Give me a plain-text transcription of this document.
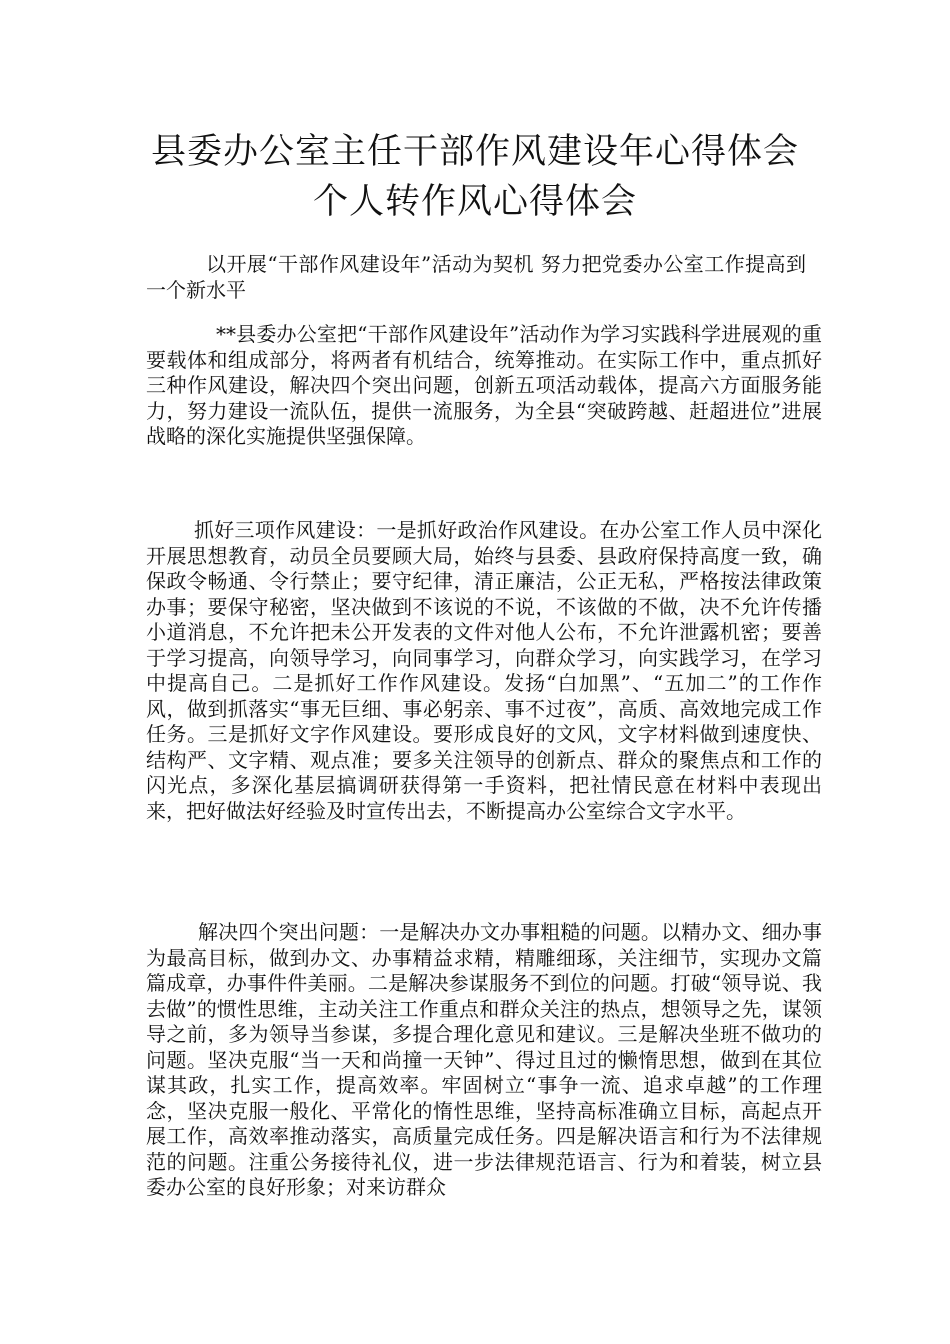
县委办公室主任干部作风建设年心得体会
个人转作风心得体会

以开展“干部作风建设年”活动为契机 努力把党委办公室工作提高到一个新水平

**县委办公室把“干部作风建设年”活动作为学习实践科学进展观的重要载体和组成部分，将两者有机结合，统筹推动。在实际工作中，重点抓好三种作风建设，解决四个突出问题，创新五项活动载体，提高六方面服务能力，努力建设一流队伍，提供一流服务，为全县“突破跨越、赶超进位”进展战略的深化实施提供坚强保障。

抓好三项作风建设：一是抓好政治作风建设。在办公室工作人员中深化开展思想教育，动员全员要顾大局，始终与县委、县政府保持高度一致，确保政令畅通、令行禁止；要守纪律，清正廉洁，公正无私，严格按法律政策办事；要保守秘密，坚决做到不该说的不说，不该做的不做，决不允许传播小道消息，不允许把未公开发表的文件对他人公布，不允许泄露机密；要善于学习提高，向领导学习，向同事学习，向群众学习，向实践学习，在学习中提高自己。二是抓好工作作风建设。发扬“白加黑”、“五加二”的工作作风，做到抓落实“事无巨细、事必躬亲、事不过夜”，高质、高效地完成工作任务。三是抓好文字作风建设。要形成良好的文风，文字材料做到速度快、结构严、文字精、观点准；要多关注领导的创新点、群众的聚焦点和工作的闪光点，多深化基层搞调研获得第一手资料，把社情民意在材料中表现出来，把好做法好经验及时宣传出去，不断提高办公室综合文字水平。

解决四个突出问题：一是解决办文办事粗糙的问题。以精办文、细办事为最高目标，做到办文、办事精益求精，精雕细琢，关注细节，实现办文篇篇成章，办事件件美丽。二是解决参谋服务不到位的问题。打破“领导说、我去做”的惯性思维，主动关注工作重点和群众关注的热点，想领导之先，谋领导之前，多为领导当参谋，多提合理化意见和建议。三是解决坐班不做功的问题。坚决克服“当一天和尚撞一天钟”、得过且过的懒惰思想，做到在其位谋其政，扎实工作，提高效率。牢固树立“事争一流、追求卓越”的工作理念，坚决克服一般化、平常化的惰性思维，坚持高标准确立目标，高起点开展工作，高效率推动落实，高质量完成任务。四是解决语言和行为不法律规范的问题。注重公务接待礼仪，进一步法律规范语言、行为和着装，树立县委办公室的良好形象；对来访群众
